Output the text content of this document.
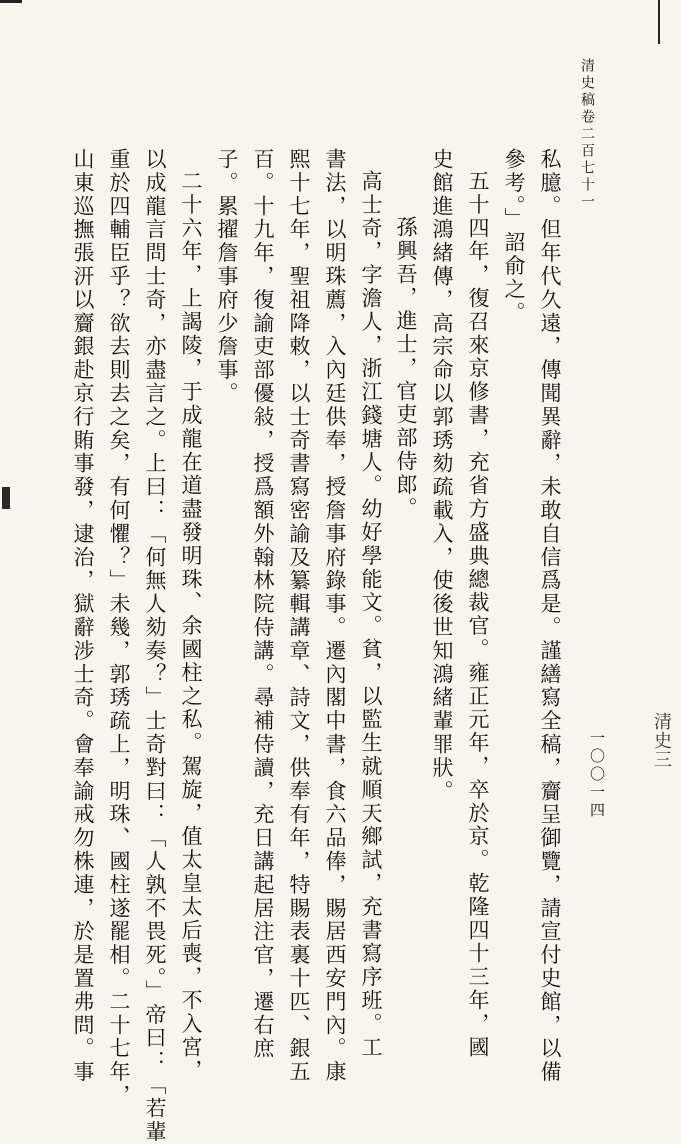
清史稿卷二百七十一
一〇〇一四
私臆。但年代久遠，傳聞異辭，未敢自信爲是。謹繕寫全稿，齎呈御覽，請宣付史館，以備
參考。」詔俞之。
五十四年，復召來京修書，充省方盛典總裁官。雍正元年，卒於京。乾隆四十三年，國
史館進鴻緒傳，高宗命以郭琇劾疏載入，使後世知鴻緒輩罪狀。
孫興吾，進士，官吏部侍郎。
高士奇，字澹人，浙江錢塘人。幼好學能文。貧，以監生就順天鄉試，充書寫序班。工
書法，以明珠薦，入內廷供奉，授詹事府錄事。遷內閣中書，食六品俸，賜居西安門內。康
熙十七年，聖祖降敕，以士奇書寫密諭及纂輯講章、詩文，供奉有年，特賜表裏十匹、銀五
百。十九年，復諭吏部優敍，授爲額外翰林院侍講。尋補侍讀，充日講起居注官，遷右庶
子。累擢詹事府少詹事。
二十六年，上謁陵，于成龍在道盡發明珠、余國柱之私。駕旋，值太皇太后喪，不入宮，
以成龍言問士奇，亦盡言之。上曰：「何無人劾奏？」士奇對曰：「人孰不畏死。」帝曰：「若輩
重於四輔臣乎？欲去則去之矣，有何懼？」未幾，郭琇疏上，明珠、國柱遂罷相。二十七年，
山東巡撫張汧以齎銀赴京行賄事發，逮治，獄辭涉士奇。會奉諭戒勿株連，於是置弗問。事	清史三
